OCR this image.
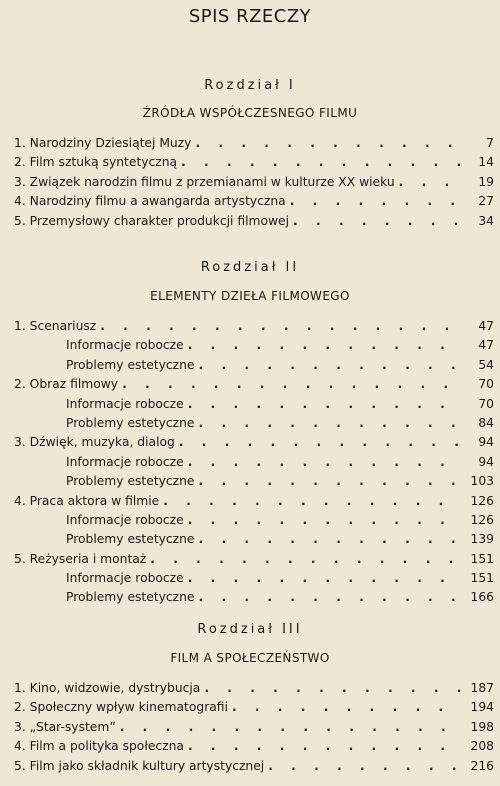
SPIS RZECZY
Rozdział I
ŹRÓDŁA WSPÓŁCZESNEGO FILMU
1. Narodziny Dziesiątej Muzy . . .	7
2. Film sztuką syntetyczną . . .	14
3. Związek narodzin filmu z przemianami w kulturze XX wieku . . .	19
4. Narodziny filmu a awangarda artystyczna . . .	27
5. Przemysłowy charakter produkcji filmowej . . .	34
Rozdział II
ELEMENTY DZIEŁA FILMOWEGO
1. Scenariusz . . .	47
Informacje robocze . . .	47
Problemy estetyczne . . .	54
2. Obraz filmowy . . .	70
Informacje robocze . . .	70
Problemy estetyczne . . .	84
3. Dźwięk, muzyka, dialog . . .	94
Informacje robocze . . .	94
Problemy estetyczne . . .	103
4. Praca aktora w filmie . . .	126
Informacje robocze . . .	126
Problemy estetyczne . . .	139
5. Reżyseria i montaż . . .	151
Informacje robocze . . .	151
Problemy estetyczne . . .	166
Rozdział III
FILM A SPOŁECZEŃSTWO
1. Kino, widzowie, dystrybucja . . .	187
2. Społeczny wpływ kinematografii . . .	194
3. „Star-system” . . .	198
4. Film a polityka społeczna . . .	208
5. Film jako składnik kultury artystycznej . . .	216
